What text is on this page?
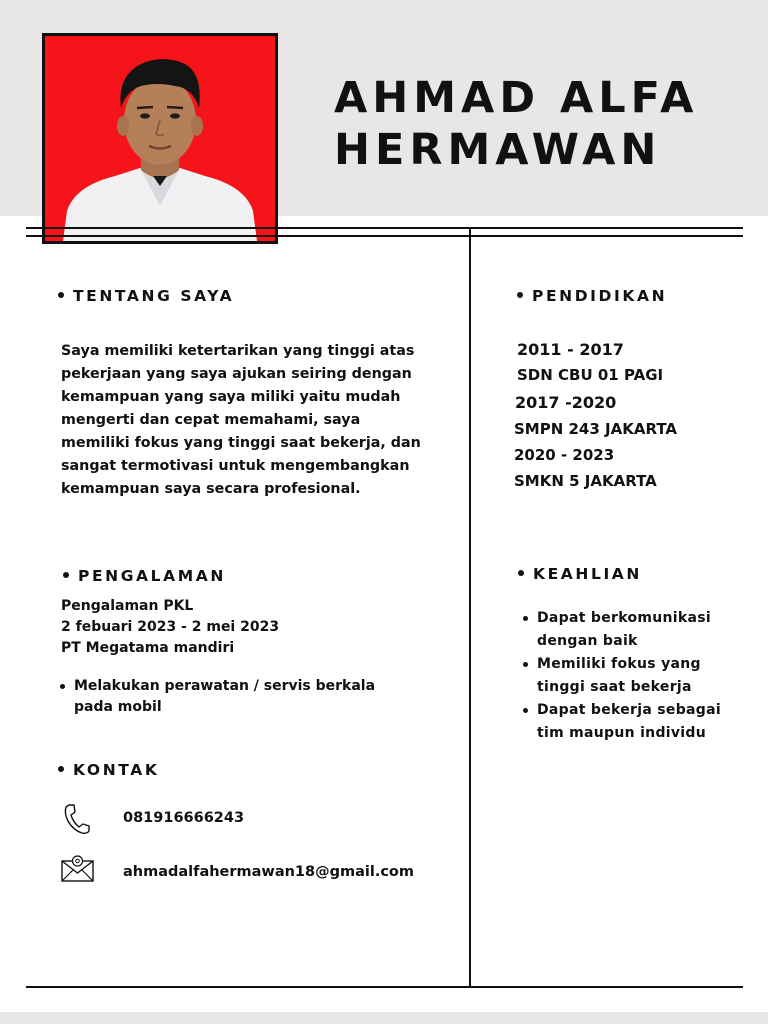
AHMAD ALFA
HERMAWAN
TENTANG SAYA
Saya memiliki ketertarikan yang tinggi atas pekerjaan yang saya ajukan seiring dengan kemampuan yang saya miliki yaitu mudah mengerti dan cepat memahami, saya memiliki fokus yang tinggi saat bekerja, dan sangat termotivasi untuk mengembangkan kemampuan saya secara profesional.
PENDIDIKAN
2011 - 2017
SDN CBU 01 PAGI
2017 -2020
SMPN 243 JAKARTA
2020 - 2023
SMKN 5 JAKARTA
PENGALAMAN
Pengalaman PKL
2 febuari 2023 - 2 mei 2023
PT Megatama mandiri
Melakukan perawatan / servis berkala pada mobil
KEAHLIAN
Dapat berkomunikasi dengan baik
Memiliki fokus yang tinggi saat bekerja
Dapat bekerja sebagai tim maupun individu
KONTAK
081916666243
ahmadalfahermawan18@gmail.com
